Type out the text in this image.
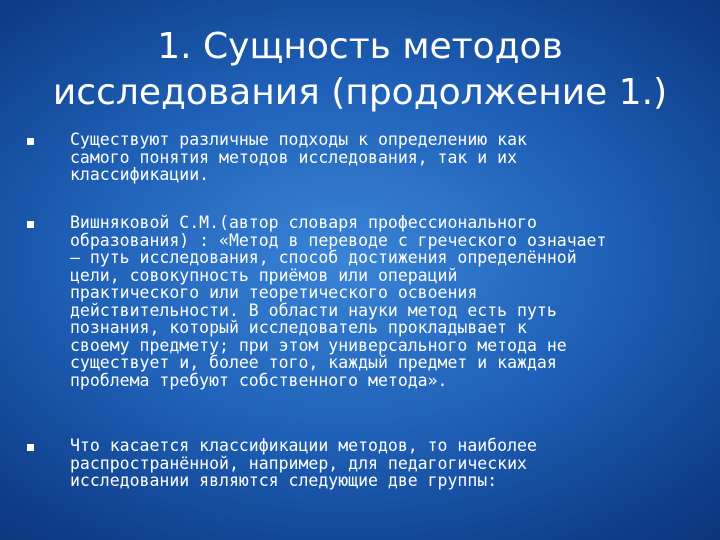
1. Сущность методов
исследования (продолжение 1.)
Существуют различные подходы к определению как
самого понятия методов исследования, так и их
классификации.
Вишняковой С.М.(автор словаря профессионального
образования) : «Метод в переводе с греческого означает
– путь исследования, способ достижения определённой
цели, совокупность приёмов или операций
практического или теоретического освоения
действительности. В области науки метод есть путь
познания, который исследователь прокладывает к
своему предмету; при этом универсального метода не
существует и, более того, каждый предмет и каждая
проблема требуют собственного метода».
Что касается классификации методов, то наиболее
распространённой, например, для педагогических
исследовании являются следующие две группы:
